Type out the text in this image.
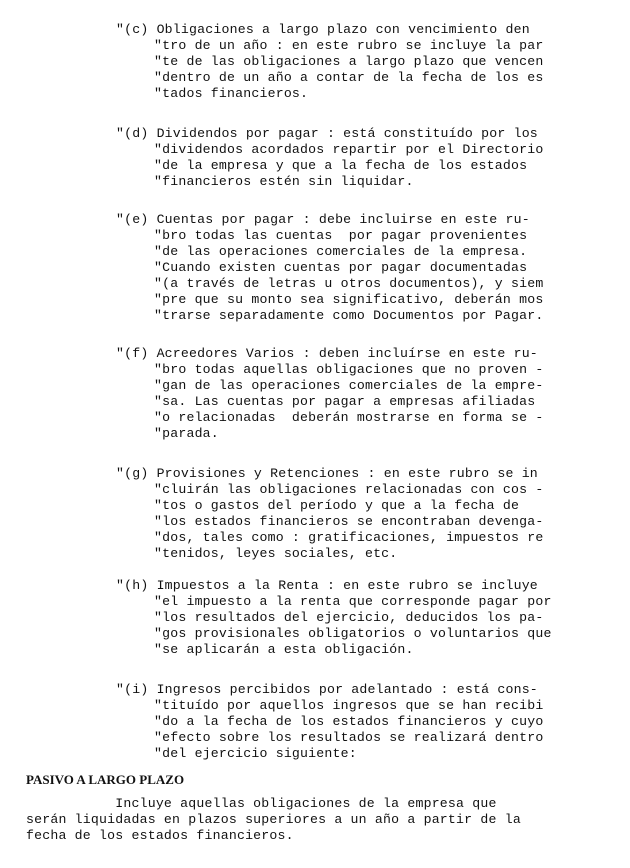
"(c) Obligaciones a largo plazo con vencimiento den
"tro de un año : en este rubro se incluye la par
"te de las obligaciones a largo plazo que vencen
"dentro de un año a contar de la fecha de los es
"tados financieros.
"(d) Dividendos por pagar : está constituído por los
"dividendos acordados repartir por el Directorio
"de la empresa y que a la fecha de los estados
"financieros estén sin liquidar.
"(e) Cuentas por pagar : debe incluirse en este ru-
"bro todas las cuentas  por pagar provenientes
"de las operaciones comerciales de la empresa.
"Cuando existen cuentas por pagar documentadas
"(a través de letras u otros documentos), y siem
"pre que su monto sea significativo, deberán mos
"trarse separadamente como Documentos por Pagar.
"(f) Acreedores Varios : deben incluírse en este ru-
"bro todas aquellas obligaciones que no proven -
"gan de las operaciones comerciales de la empre-
"sa. Las cuentas por pagar a empresas afiliadas
"o relacionadas  deberán mostrarse en forma se -
"parada.
"(g) Provisiones y Retenciones : en este rubro se in
"cluirán las obligaciones relacionadas con cos -
"tos o gastos del período y que a la fecha de
"los estados financieros se encontraban devenga-
"dos, tales como : gratificaciones, impuestos re
"tenidos, leyes sociales, etc.
"(h) Impuestos a la Renta : en este rubro se incluye
"el impuesto a la renta que corresponde pagar por
"los resultados del ejercicio, deducidos los pa-
"gos provisionales obligatorios o voluntarios que
"se aplicarán a esta obligación.
"(i) Ingresos percibidos por adelantado : está cons-
"tituído por aquellos ingresos que se han recibi
"do a la fecha de los estados financieros y cuyo
"efecto sobre los resultados se realizará dentro
"del ejercicio siguiente:
PASIVO A LARGO PLAZO
Incluye aquellas obligaciones de la empresa que
serán liquidadas en plazos superiores a un año a partir de la
fecha de los estados financieros.
